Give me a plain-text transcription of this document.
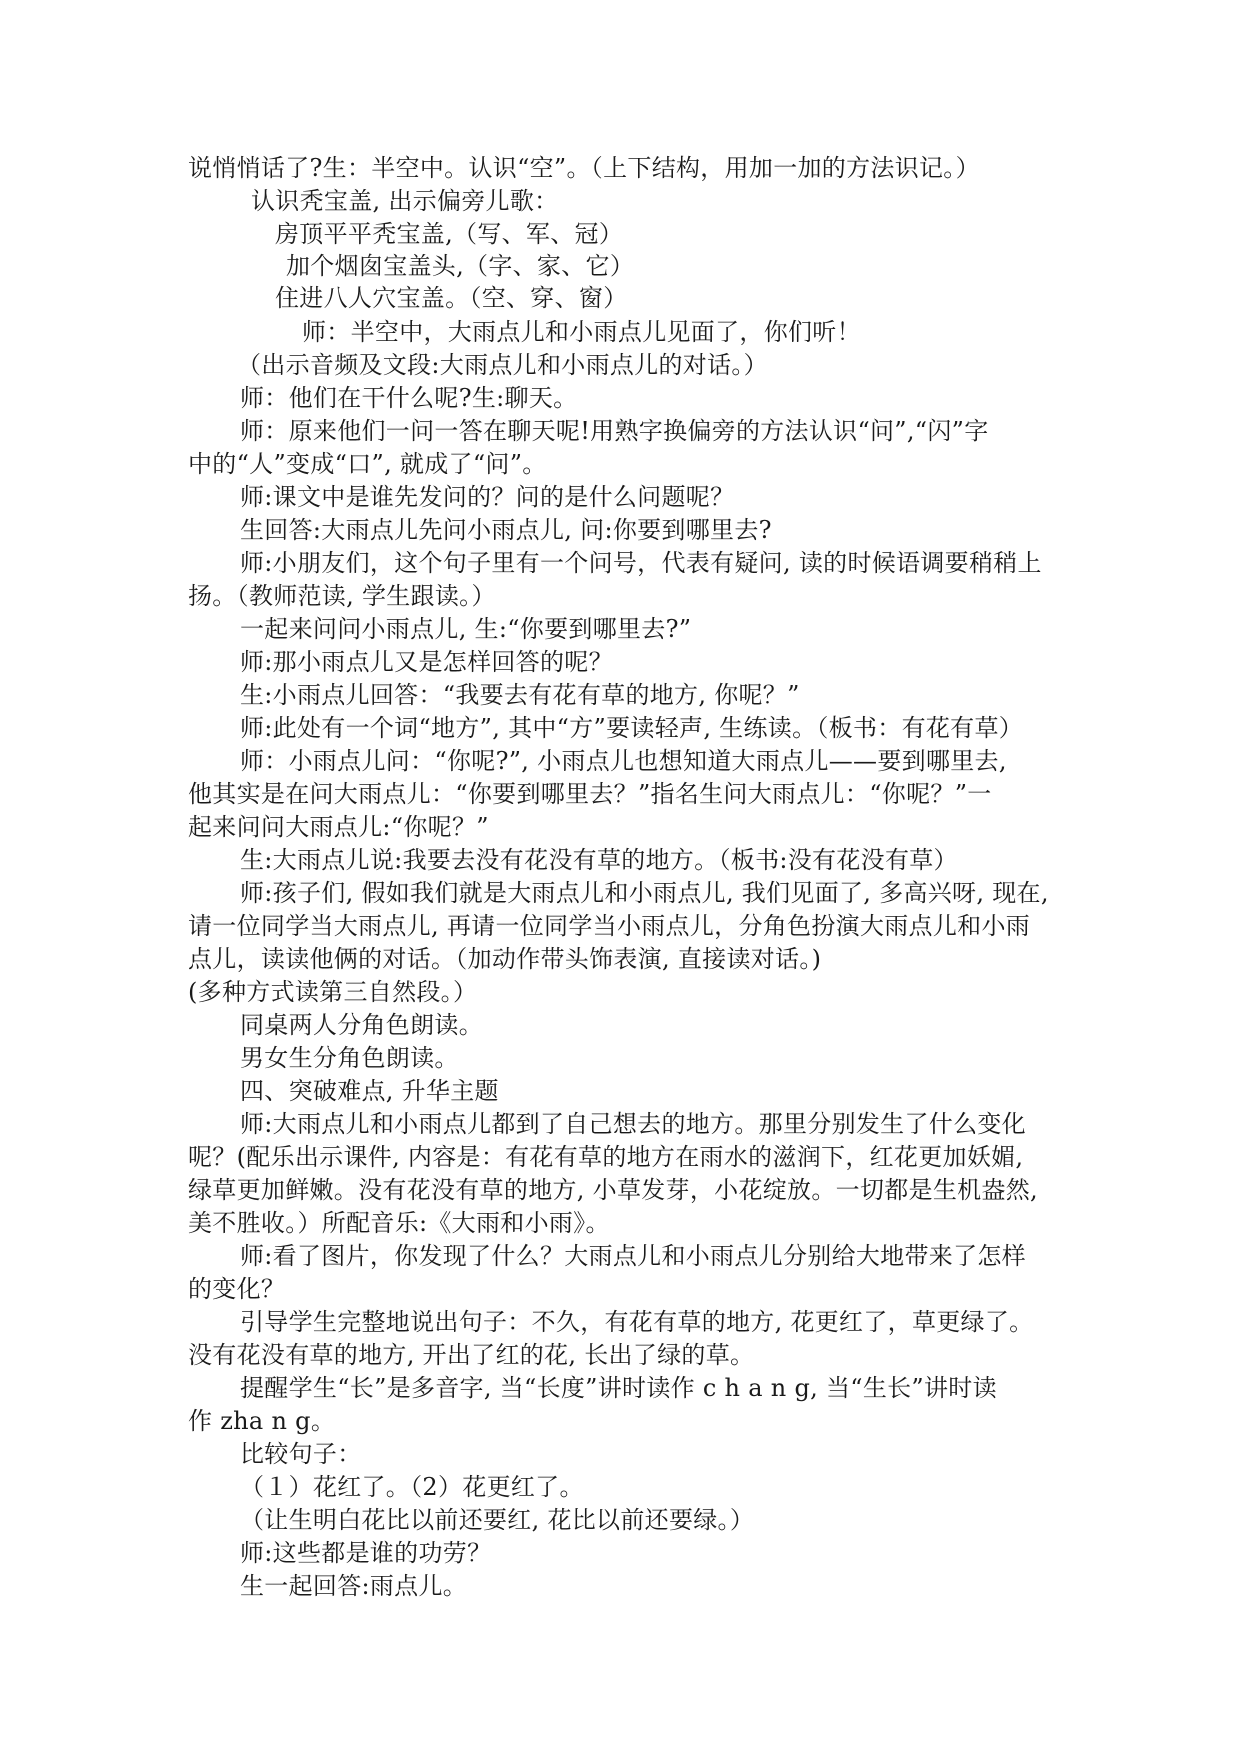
说悄悄话了?生：半空中。认识“空”。（上下结构，用加一加的方法识记。）
认识秃宝盖, 出示偏旁儿歌：
房顶平平秃宝盖,（写、军、冠）
加个烟囱宝盖头,（字、家、它）
住进八人穴宝盖。（空、穿、窗）
师：半空中，大雨点儿和小雨点儿见面了，你们听！
（出示音频及文段:大雨点儿和小雨点儿的对话。）
师：他们在干什么呢?生:聊天。
师：原来他们一问一答在聊天呢!用熟字换偏旁的方法认识“问”,“闪”字
中的“人”变成“口”, 就成了“问”。
师:课文中是谁先发问的？问的是什么问题呢？
生回答:大雨点儿先问小雨点儿, 问:你要到哪里去?
师:小朋友们，这个句子里有一个问号，代表有疑问, 读的时候语调要稍稍上
扬。（教师范读, 学生跟读。）
一起来问问小雨点儿, 生:“你要到哪里去?”
师:那小雨点儿又是怎样回答的呢？
生:小雨点儿回答：“我要去有花有草的地方, 你呢？”
师:此处有一个词“地方”, 其中“方”要读轻声, 生练读。（板书：有花有草）
师：小雨点儿问：“你呢?”, 小雨点儿也想知道大雨点儿——要到哪里去,
他其实是在问大雨点儿：“你要到哪里去？”指名生问大雨点儿：“你呢？”一
起来问问大雨点儿:“你呢？”
生:大雨点儿说:我要去没有花没有草的地方。（板书:没有花没有草）
师:孩子们, 假如我们就是大雨点儿和小雨点儿, 我们见面了, 多高兴呀, 现在,
请一位同学当大雨点儿, 再请一位同学当小雨点儿，分角色扮演大雨点儿和小雨
点儿，读读他俩的对话。（加动作带头饰表演, 直接读对话。)
(多种方式读第三自然段。）
同桌两人分角色朗读。
男女生分角色朗读。
四、突破难点, 升华主题
师:大雨点儿和小雨点儿都到了自己想去的地方。那里分别发生了什么变化
呢？(配乐出示课件, 内容是：有花有草的地方在雨水的滋润下，红花更加妖媚,
绿草更加鲜嫩。没有花没有草的地方, 小草发芽，小花绽放。一切都是生机盎然,
美不胜收。）所配音乐:《大雨和小雨》。
师:看了图片，你发现了什么？大雨点儿和小雨点儿分别给大地带来了怎样
的变化？
引导学生完整地说出句子：不久，有花有草的地方, 花更红了，草更绿了。
没有花没有草的地方, 开出了红的花, 长出了绿的草。
提醒学生“长”是多音字, 当“长度”讲时读作 c h a n g, 当“生长”讲时读
作 zha n g。
比较句子：
（１）花红了。（2）花更红了。
（让生明白花比以前还要红, 花比以前还要绿。）
师:这些都是谁的功劳？
生一起回答:雨点儿。
